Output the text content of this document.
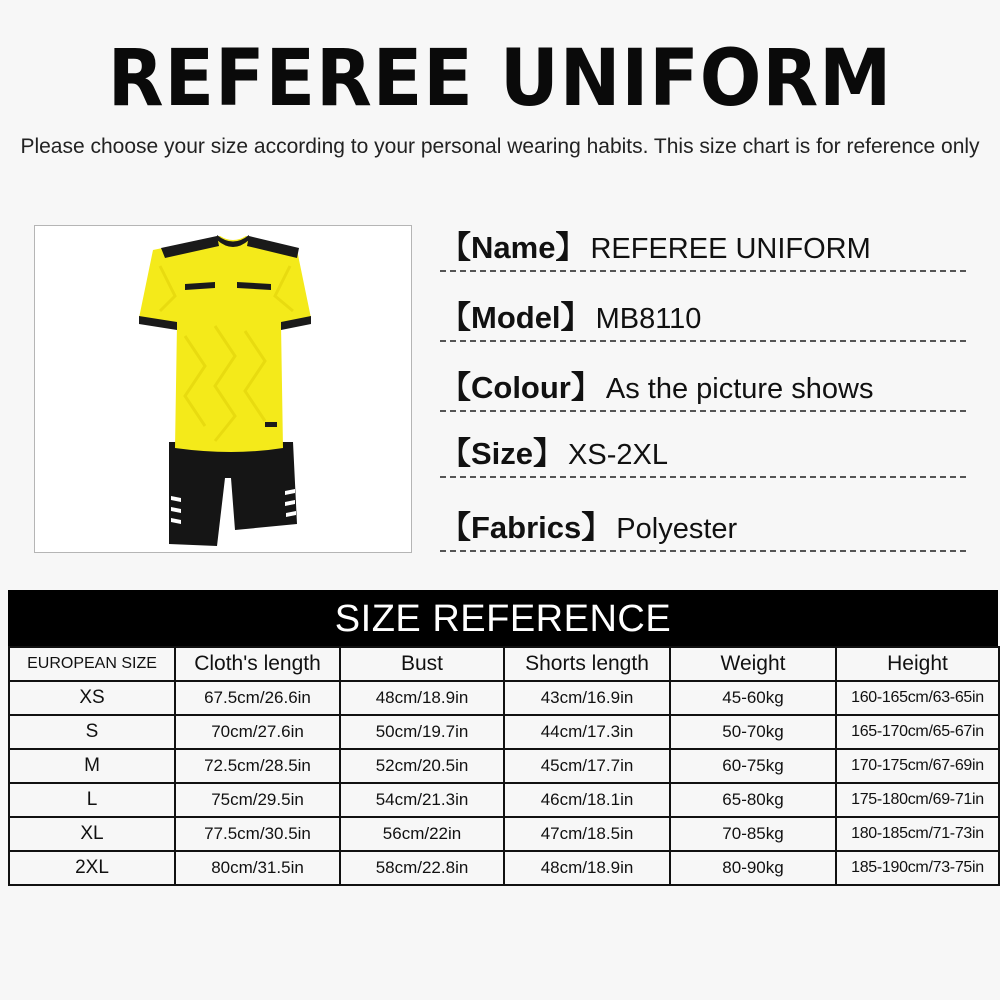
REFEREE UNIFORM
Please choose your size according to your personal wearing habits. This size chart is for reference only
【Name】 REFEREE UNIFORM
【Model】 MB8110
【Colour】 As the picture shows
【Size】 XS-2XL
【Fabrics】 Polyester
SIZE REFERENCE
EUROPEAN SIZE	Cloth's length	Bust	Shorts length	Weight	Height
XS	67.5cm/26.6in	48cm/18.9in	43cm/16.9in	45-60kg	160-165cm/63-65in
S	70cm/27.6in	50cm/19.7in	44cm/17.3in	50-70kg	165-170cm/65-67in
M	72.5cm/28.5in	52cm/20.5in	45cm/17.7in	60-75kg	170-175cm/67-69in
L	75cm/29.5in	54cm/21.3in	46cm/18.1in	65-80kg	175-180cm/69-71in
XL	77.5cm/30.5in	56cm/22in	47cm/18.5in	70-85kg	180-185cm/71-73in
2XL	80cm/31.5in	58cm/22.8in	48cm/18.9in	80-90kg	185-190cm/73-75in
